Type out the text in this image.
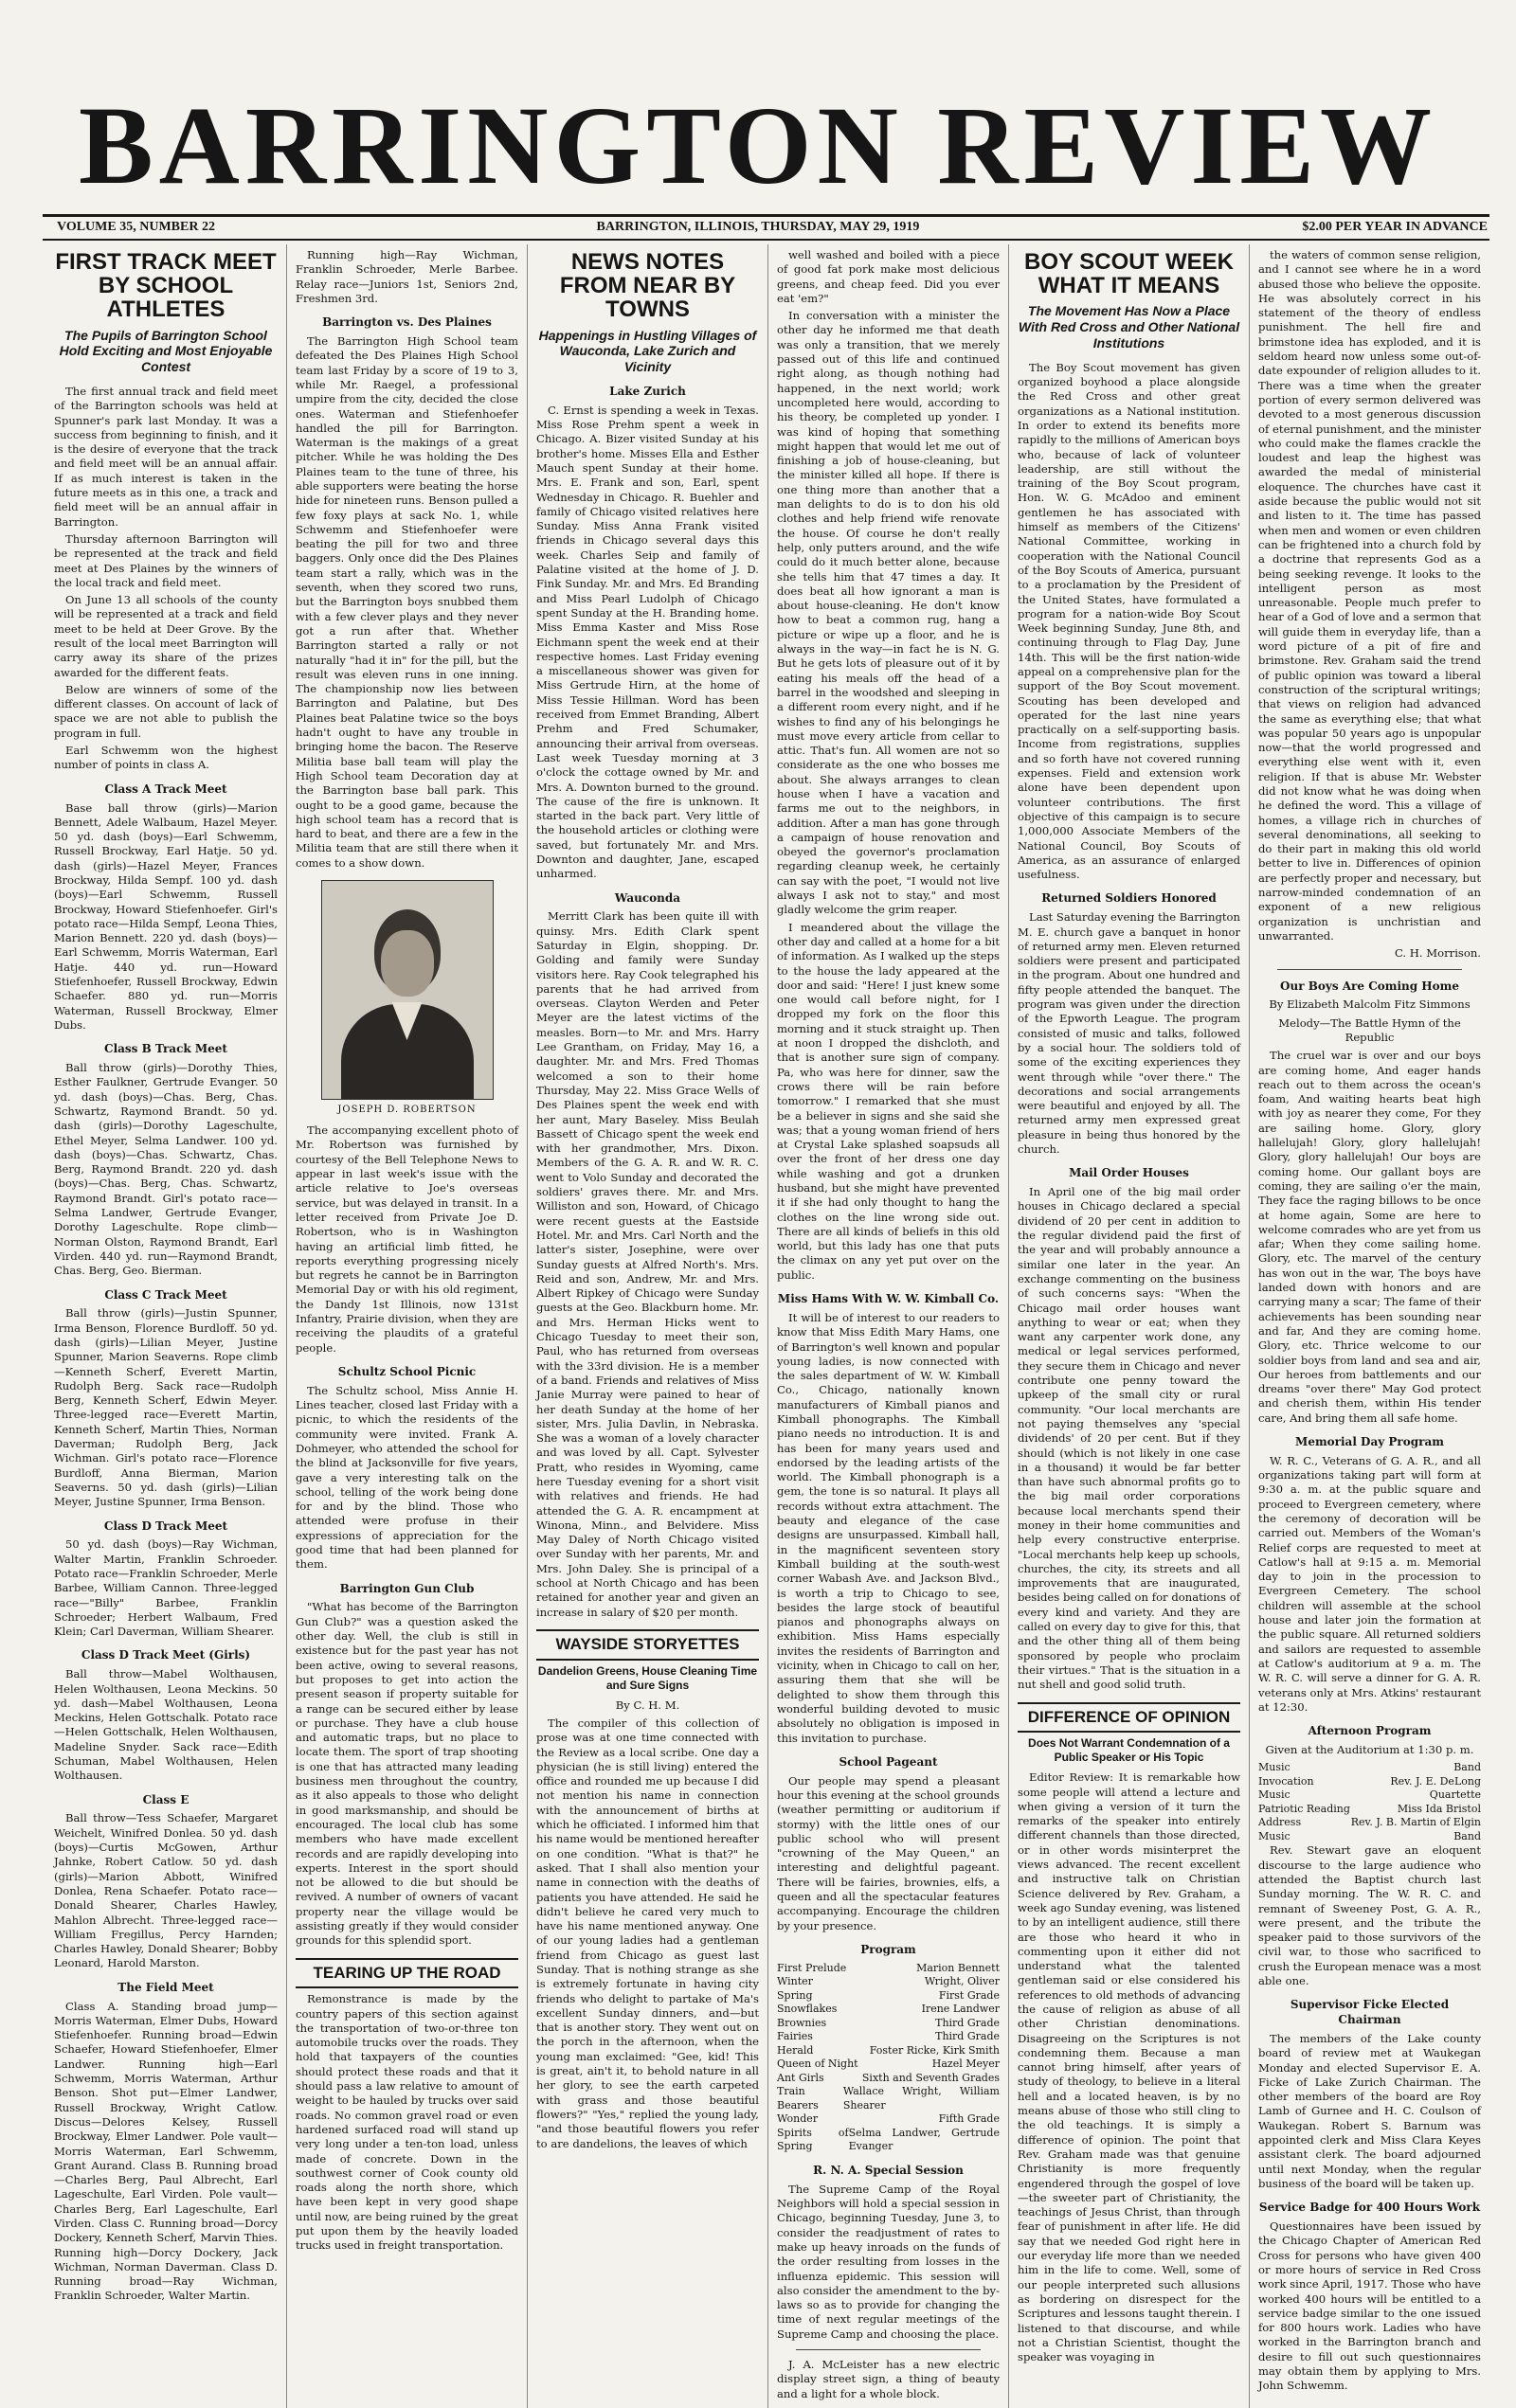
BARRINGTON REVIEW
VOLUME 35, NUMBER 22	BARRINGTON, ILLINOIS, THURSDAY, MAY 29, 1919	$2.00 PER YEAR IN ADVANCE
FIRST TRACK MEET BY SCHOOL ATHLETES
The Pupils of Barrington School Hold Exciting and Most Enjoyable Contest

The first annual track and field meet of the Barrington schools was held at Spunner's park last Monday. It was a success from beginning to finish, and it is the desire of everyone that the track and field meet will be an annual affair. If as much interest is taken in the future meets as in this one, a track and field meet will be an annual affair in Barrington.

Thursday afternoon Barrington will be represented at the track and field meet at Des Plaines by the winners of the local track and field meet.

On June 13 all schools of the county will be represented at a track and field meet to be held at Deer Grove. By the result of the local meet Barrington will carry away its share of the prizes awarded for the different feats.

Below are winners of some of the different classes. On account of lack of space we are not able to publish the program in full.

Earl Schwemm won the highest number of points in class A.

Class A Track Meet

Base ball throw (girls)—Marion Bennett, Adele Walbaum, Hazel Meyer. 50 yd. dash (boys)—Earl Schwemm, Russell Brockway, Earl Hatje. 50 yd. dash (girls)—Hazel Meyer, Frances Brockway, Hilda Sempf. 100 yd. dash (boys)—Earl Schwemm, Russell Brockway, Howard Stiefenhoefer. Girl's potato race—Hilda Sempf, Leona Thies, Marion Bennett. 220 yd. dash (boys)—Earl Schwemm, Morris Waterman, Earl Hatje. 440 yd. run—Howard Stiefenhoefer, Russell Brockway, Edwin Schaefer. 880 yd. run—Morris Waterman, Russell Brockway, Elmer Dubs.

Class B Track Meet

Ball throw (girls)—Dorothy Thies, Esther Faulkner, Gertrude Evanger. 50 yd. dash (boys)—Chas. Berg, Chas. Schwartz, Raymond Brandt. 50 yd. dash (girls)—Dorothy Lageschulte, Ethel Meyer, Selma Landwer. 100 yd. dash (boys)—Chas. Schwartz, Chas. Berg, Raymond Brandt. 220 yd. dash (boys)—Chas. Berg, Chas. Schwartz, Raymond Brandt. Girl's potato race—Selma Landwer, Gertrude Evanger, Dorothy Lageschulte. Rope climb—Norman Olston, Raymond Brandt, Earl Virden. 440 yd. run—Raymond Brandt, Chas. Berg, Geo. Bierman.

Class C Track Meet

Ball throw (girls)—Justin Spunner, Irma Benson, Florence Burdloff. 50 yd. dash (girls)—Lilian Meyer, Justine Spunner, Marion Seaverns. Rope climb—Kenneth Scherf, Everett Martin, Rudolph Berg. Sack race—Rudolph Berg, Kenneth Scherf, Edwin Meyer. Three-legged race—Everett Martin, Kenneth Scherf, Martin Thies, Norman Daverman; Rudolph Berg, Jack Wichman. Girl's potato race—Florence Burdloff, Anna Bierman, Marion Seaverns. 50 yd. dash (girls)—Lilian Meyer, Justine Spunner, Irma Benson.

Class D Track Meet

50 yd. dash (boys)—Ray Wichman, Walter Martin, Franklin Schroeder. Potato race—Franklin Schroeder, Merle Barbee, William Cannon. Three-legged race—"Billy" Barbee, Franklin Schroeder; Herbert Walbaum, Fred Klein; Carl Daverman, William Shearer.

Class D Track Meet (Girls)

Ball throw—Mabel Wolthausen, Helen Wolthausen, Leona Meckins. 50 yd. dash—Mabel Wolthausen, Leona Meckins, Helen Gottschalk. Potato race—Helen Gottschalk, Helen Wolthausen, Madeline Snyder. Sack race—Edith Schuman, Mabel Wolthausen, Helen Wolthausen.

Class E

Ball throw—Tess Schaefer, Margaret Weichelt, Winifred Donlea. 50 yd. dash (boys)—Curtis McGowen, Arthur Jahnke, Robert Catlow. 50 yd. dash (girls)—Marion Abbott, Winifred Donlea, Rena Schaefer. Potato race—Donald Shearer, Charles Hawley, Mahlon Albrecht. Three-legged race—William Fregillus, Percy Harnden; Charles Hawley, Donald Shearer; Bobby Leonard, Harold Marston.

The Field Meet

Class A. Standing broad jump—Morris Waterman, Elmer Dubs, Howard Stiefenhoefer. Running broad—Edwin Schaefer, Howard Stiefenhoefer, Elmer Landwer. Running high—Earl Schwemm, Morris Waterman, Arthur Benson. Shot put—Elmer Landwer, Russell Brockway, Wright Catlow. Discus—Delores Kelsey, Russell Brockway, Elmer Landwer. Pole vault—Morris Waterman, Earl Schwemm, Grant Aurand. Class B. Running broad—Charles Berg, Paul Albrecht, Earl Lageschulte, Earl Virden. Pole vault—Charles Berg, Earl Lageschulte, Earl Virden. Class C. Running broad—Dorcy Dockery, Kenneth Scherf, Marvin Thies. Running high—Dorcy Dockery, Jack Wichman, Norman Daverman. Class D. Running broad—Ray Wichman, Franklin Schroeder, Walter Martin.

Running high—Ray Wichman, Franklin Schroeder, Merle Barbee. Relay race—Juniors 1st, Seniors 2nd, Freshmen 3rd.

Barrington vs. Des Plaines

The Barrington High School team defeated the Des Plaines High School team last Friday by a score of 19 to 3, while Mr. Raegel, a professional umpire from the city, decided the close ones. Waterman and Stiefenhoefer handled the pill for Barrington. Waterman is the makings of a great pitcher. While he was holding the Des Plaines team to the tune of three, his able supporters were beating the horse hide for nineteen runs. Benson pulled a few foxy plays at sack No. 1, while Schwemm and Stiefenhoefer were beating the pill for two and three baggers. Only once did the Des Plaines team start a rally, which was in the seventh, when they scored two runs, but the Barrington boys snubbed them with a few clever plays and they never got a run after that. Whether Barrington started a rally or not naturally "had it in" for the pill, but the result was eleven runs in one inning. The championship now lies between Barrington and Palatine, but Des Plaines beat Palatine twice so the boys hadn't ought to have any trouble in bringing home the bacon. The Reserve Militia base ball team will play the High School team Decoration day at the Barrington base ball park. This ought to be a good game, because the high school team has a record that is hard to beat, and there are a few in the Militia team that are still there when it comes to a show down.

JOSEPH D. ROBERTSON

The accompanying excellent photo of Mr. Robertson was furnished by courtesy of the Bell Telephone News to appear in last week's issue with the article relative to Joe's overseas service, but was delayed in transit. In a letter received from Private Joe D. Robertson, who is in Washington having an artificial limb fitted, he reports everything progressing nicely but regrets he cannot be in Barrington Memorial Day or with his old regiment, the Dandy 1st Illinois, now 131st Infantry, Prairie division, when they are receiving the plaudits of a grateful people.

Schultz School Picnic

The Schultz school, Miss Annie H. Lines teacher, closed last Friday with a picnic, to which the residents of the community were invited. Frank A. Dohmeyer, who attended the school for the blind at Jacksonville for five years, gave a very interesting talk on the school, telling of the work being done for and by the blind. Those who attended were profuse in their expressions of appreciation for the good time that had been planned for them.

Barrington Gun Club

"What has become of the Barrington Gun Club?" was a question asked the other day. Well, the club is still in existence but for the past year has not been active, owing to several reasons, but proposes to get into action the present season if property suitable for a range can be secured either by lease or purchase. They have a club house and automatic traps, but no place to locate them. The sport of trap shooting is one that has attracted many leading business men throughout the country, as it also appeals to those who delight in good marksmanship, and should be encouraged. The local club has some members who have made excellent records and are rapidly developing into experts. Interest in the sport should not be allowed to die but should be revived. A number of owners of vacant property near the village would be assisting greatly if they would consider grounds for this splendid sport.

TEARING UP THE ROAD

Remonstrance is made by the country papers of this section against the transportation of two-or-three ton automobile trucks over the roads. They hold that taxpayers of the counties should protect these roads and that it should pass a law relative to amount of weight to be hauled by trucks over said roads. No common gravel road or even hardened surfaced road will stand up very long under a ten-ton load, unless made of concrete. Down in the southwest corner of Cook county old roads along the north shore, which have been kept in very good shape until now, are being ruined by the great put upon them by the heavily loaded trucks used in freight transportation.

NEWS NOTES FROM NEAR BY TOWNS
Happenings in Hustling Villages of Wauconda, Lake Zurich and Vicinity
Lake Zurich

C. Ernst is spending a week in Texas. Miss Rose Prehm spent a week in Chicago. A. Bizer visited Sunday at his brother's home. Misses Ella and Esther Mauch spent Sunday at their home. Mrs. E. Frank and son, Earl, spent Wednesday in Chicago. R. Buehler and family of Chicago visited relatives here Sunday. Miss Anna Frank visited friends in Chicago several days this week. Charles Seip and family of Palatine visited at the home of J. D. Fink Sunday. Mr. and Mrs. Ed Branding and Miss Pearl Ludolph of Chicago spent Sunday at the H. Branding home. Miss Emma Kaster and Miss Rose Eichmann spent the week end at their respective homes. Last Friday evening a miscellaneous shower was given for Miss Gertrude Hirn, at the home of Miss Tessie Hillman. Word has been received from Emmet Branding, Albert Prehm and Fred Schumaker, announcing their arrival from overseas. Last week Tuesday morning at 3 o'clock the cottage owned by Mr. and Mrs. A. Downton burned to the ground. The cause of the fire is unknown. It started in the back part. Very little of the household articles or clothing were saved, but fortunately Mr. and Mrs. Downton and daughter, Jane, escaped unharmed.

Wauconda

Merritt Clark has been quite ill with quinsy. Mrs. Edith Clark spent Saturday in Elgin, shopping. Dr. Golding and family were Sunday visitors here. Ray Cook telegraphed his parents that he had arrived from overseas. Clayton Werden and Peter Meyer are the latest victims of the measles. Born—to Mr. and Mrs. Harry Lee Grantham, on Friday, May 16, a daughter. Mr. and Mrs. Fred Thomas welcomed a son to their home Thursday, May 22. Miss Grace Wells of Des Plaines spent the week end with her aunt, Mary Baseley. Miss Beulah Bassett of Chicago spent the week end with her grandmother, Mrs. Dixon. Members of the G. A. R. and W. R. C. went to Volo Sunday and decorated the soldiers' graves there. Mr. and Mrs. Williston and son, Howard, of Chicago were recent guests at the Eastside Hotel. Mr. and Mrs. Carl North and the latter's sister, Josephine, were over Sunday guests at Alfred North's. Mrs. Reid and son, Andrew, Mr. and Mrs. Albert Ripkey of Chicago were Sunday guests at the Geo. Blackburn home. Mr. and Mrs. Herman Hicks went to Chicago Tuesday to meet their son, Paul, who has returned from overseas with the 33rd division. He is a member of a band. Friends and relatives of Miss Janie Murray were pained to hear of her death Sunday at the home of her sister, Mrs. Julia Davlin, in Nebraska. She was a woman of a lovely character and was loved by all. Capt. Sylvester Pratt, who resides in Wyoming, came here Tuesday evening for a short visit with relatives and friends. He had attended the G. A. R. encampment at Winona, Minn., and Belvidere. Miss May Daley of North Chicago visited over Sunday with her parents, Mr. and Mrs. John Daley. She is principal of a school at North Chicago and has been retained for another year and given an increase in salary of $20 per month.

WAYSIDE STORYETTES
Dandelion Greens, House Cleaning Time and Sure Signs
By C. H. M.

The compiler of this collection of prose was at one time connected with the Review as a local scribe. One day a physician (he is still living) entered the office and rounded me up because I did not mention his name in connection with the announcement of births at which he officiated. I informed him that his name would be mentioned hereafter on one condition. "What is that?" he asked. That I shall also mention your name in connection with the deaths of patients you have attended. He said he didn't believe he cared very much to have his name mentioned anyway. One of our young ladies had a gentleman friend from Chicago as guest last Sunday. That is nothing strange as she is extremely fortunate in having city friends who delight to partake of Ma's excellent Sunday dinners, and—but that is another story. They went out on the porch in the afternoon, when the young man exclaimed: "Gee, kid! This is great, ain't it, to behold nature in all her glory, to see the earth carpeted with grass and those beautiful flowers?" "Yes," replied the young lady, "and those beautiful flowers you refer to are dandelions, the leaves of which

well washed and boiled with a piece of good fat pork make most delicious greens, and cheap feed. Did you ever eat 'em?"

In conversation with a minister the other day he informed me that death was only a transition, that we merely passed out of this life and continued right along, as though nothing had happened, in the next world; work uncompleted here would, according to his theory, be completed up yonder. I was kind of hoping that something might happen that would let me out of finishing a job of house-cleaning, but the minister killed all hope. If there is one thing more than another that a man delights to do is to don his old clothes and help friend wife renovate the house. Of course he don't really help, only putters around, and the wife could do it much better alone, because she tells him that 47 times a day. It does beat all how ignorant a man is about house-cleaning. He don't know how to beat a common rug, hang a picture or wipe up a floor, and he is always in the way—in fact he is N. G. But he gets lots of pleasure out of it by eating his meals off the head of a barrel in the woodshed and sleeping in a different room every night, and if he wishes to find any of his belongings he must move every article from cellar to attic. That's fun. All women are not so considerate as the one who bosses me about. She always arranges to clean house when I have a vacation and farms me out to the neighbors, in addition. After a man has gone through a campaign of house renovation and obeyed the governor's proclamation regarding cleanup week, he certainly can say with the poet, "I would not live always I ask not to stay," and most gladly welcome the grim reaper.

I meandered about the village the other day and called at a home for a bit of information. As I walked up the steps to the house the lady appeared at the door and said: "Here! I just knew some one would call before night, for I dropped my fork on the floor this morning and it stuck straight up. Then at noon I dropped the dishcloth, and that is another sure sign of company. Pa, who was here for dinner, saw the crows there will be rain before tomorrow." I remarked that she must be a believer in signs and she said she was; that a young woman friend of hers at Crystal Lake splashed soapsuds all over the front of her dress one day while washing and got a drunken husband, but she might have prevented it if she had only thought to hang the clothes on the line wrong side out. There are all kinds of beliefs in this old world, but this lady has one that puts the climax on any yet put over on the public.

Miss Hams With W. W. Kimball Co.

It will be of interest to our readers to know that Miss Edith Mary Hams, one of Barrington's well known and popular young ladies, is now connected with the sales department of W. W. Kimball Co., Chicago, nationally known manufacturers of Kimball pianos and Kimball phonographs. The Kimball piano needs no introduction. It is and has been for many years used and endorsed by the leading artists of the world. The Kimball phonograph is a gem, the tone is so natural. It plays all records without extra attachment. The beauty and elegance of the case designs are unsurpassed. Kimball hall, in the magnificent seventeen story Kimball building at the south-west corner Wabash Ave. and Jackson Blvd., is worth a trip to Chicago to see, besides the large stock of beautiful pianos and phonographs always on exhibition. Miss Hams especially invites the residents of Barrington and vicinity, when in Chicago to call on her, assuring them that she will be delighted to show them through this wonderful building devoted to music absolutely no obligation is imposed in this invitation to purchase.

School Pageant

Our people may spend a pleasant hour this evening at the school grounds (weather permitting or auditorium if stormy) with the little ones of our public school who will present "crowning of the May Queen," an interesting and delightful pageant. There will be fairies, brownies, elfs, a queen and all the spectacular features accompanying. Encourage the children by your presence.

Program
First Prelude	Marion Bennett
Winter	Wright, Oliver
Spring	First Grade
Snowflakes	Irene Landwer
Brownies	Third Grade
Fairies	Third Grade
Herald	Foster Ricke, Kirk Smith
Queen of Night	Hazel Meyer
Ant Girls	Sixth and Seventh Grades
Train Bearers
Wallace Wright, William Shearer
Wonder	Fifth Grade
Spirits of Spring
Selma Landwer, Gertrude Evanger
R. N. A. Special Session

The Supreme Camp of the Royal Neighbors will hold a special session in Chicago, beginning Tuesday, June 3, to consider the readjustment of rates to make up heavy inroads on the funds of the order resulting from losses in the influenza epidemic. This session will also consider the amendment to the by-laws so as to provide for changing the time of next regular meetings of the Supreme Camp and choosing the place.

J. A. McLeister has a new electric display street sign, a thing of beauty and a light for a whole block.

BOY SCOUT WEEK WHAT IT MEANS
The Movement Has Now a Place With Red Cross and Other National Institutions

The Boy Scout movement has given organized boyhood a place alongside the Red Cross and other great organizations as a National institution. In order to extend its benefits more rapidly to the millions of American boys who, because of lack of volunteer leadership, are still without the training of the Boy Scout program, Hon. W. G. McAdoo and eminent gentlemen he has associated with himself as members of the Citizens' National Committee, working in cooperation with the National Council of the Boy Scouts of America, pursuant to a proclamation by the President of the United States, have formulated a program for a nation-wide Boy Scout Week beginning Sunday, June 8th, and continuing through to Flag Day, June 14th. This will be the first nation-wide appeal on a comprehensive plan for the support of the Boy Scout movement. Scouting has been developed and operated for the last nine years practically on a self-supporting basis. Income from registrations, supplies and so forth have not covered running expenses. Field and extension work alone have been dependent upon volunteer contributions. The first objective of this campaign is to secure 1,000,000 Associate Members of the National Council, Boy Scouts of America, as an assurance of enlarged usefulness.

Returned Soldiers Honored

Last Saturday evening the Barrington M. E. church gave a banquet in honor of returned army men. Eleven returned soldiers were present and participated in the program. About one hundred and fifty people attended the banquet. The program was given under the direction of the Epworth League. The program consisted of music and talks, followed by a social hour. The soldiers told of some of the exciting experiences they went through while "over there." The decorations and social arrangements were beautiful and enjoyed by all. The returned army men expressed great pleasure in being thus honored by the church.

Mail Order Houses

In April one of the big mail order houses in Chicago declared a special dividend of 20 per cent in addition to the regular dividend paid the first of the year and will probably announce a similar one later in the year. An exchange commenting on the business of such concerns says: "When the Chicago mail order houses want anything to wear or eat; when they want any carpenter work done, any medical or legal services performed, they secure them in Chicago and never contribute one penny toward the upkeep of the small city or rural community. "Our local merchants are not paying themselves any 'special dividends' of 20 per cent. But if they should (which is not likely in one case in a thousand) it would be far better than have such abnormal profits go to the big mail order corporations because local merchants spend their money in their home communities and help every constructive enterprise. "Local merchants help keep up schools, churches, the city, its streets and all improvements that are inaugurated, besides being called on for donations of every kind and variety. And they are called on every day to give for this, that and the other thing all of them being sponsored by people who proclaim their virtues." That is the situation in a nut shell and good solid truth.

DIFFERENCE OF OPINION
Does Not Warrant Condemnation of a Public Speaker or His Topic

Editor Review: It is remarkable how some people will attend a lecture and when giving a version of it turn the remarks of the speaker into entirely different channels than those directed, or in other words misinterpret the views advanced. The recent excellent and instructive talk on Christian Science delivered by Rev. Graham, a week ago Sunday evening, was listened to by an intelligent audience, still there are those who heard it who in commenting upon it either did not understand what the talented gentleman said or else considered his references to old methods of advancing the cause of religion as abuse of all other Christian denominations. Disagreeing on the Scriptures is not condemning them. Because a man cannot bring himself, after years of study of theology, to believe in a literal hell and a located heaven, is by no means abuse of those who still cling to the old teachings. It is simply a difference of opinion. The point that Rev. Graham made was that genuine Christianity is more frequently engendered through the gospel of love—the sweeter part of Christianity, the teachings of Jesus Christ, than through fear of punishment in after life. He did say that we needed God right here in our everyday life more than we needed him in the life to come. Well, some of our people interpreted such allusions as bordering on disrespect for the Scriptures and lessons taught therein. I listened to that discourse, and while not a Christian Scientist, thought the speaker was voyaging in

the waters of common sense religion, and I cannot see where he in a word abused those who believe the opposite. He was absolutely correct in his statement of the theory of endless punishment. The hell fire and brimstone idea has exploded, and it is seldom heard now unless some out-of-date expounder of religion alludes to it. There was a time when the greater portion of every sermon delivered was devoted to a most generous discussion of eternal punishment, and the minister who could make the flames crackle the loudest and leap the highest was awarded the medal of ministerial eloquence. The churches have cast it aside because the public would not sit and listen to it. The time has passed when men and women or even children can be frightened into a church fold by a doctrine that represents God as a being seeking revenge. It looks to the intelligent person as most unreasonable. People much prefer to hear of a God of love and a sermon that will guide them in everyday life, than a word picture of a pit of fire and brimstone. Rev. Graham said the trend of public opinion was toward a liberal construction of the scriptural writings; that views on religion had advanced the same as everything else; that what was popular 50 years ago is unpopular now—that the world progressed and everything else went with it, even religion. If that is abuse Mr. Webster did not know what he was doing when he defined the word. This a village of homes, a village rich in churches of several denominations, all seeking to do their part in making this old world better to live in. Differences of opinion are perfectly proper and necessary, but narrow-minded condemnation of an exponent of a new religious organization is unchristian and unwarranted.

C. H. Morrison.
Our Boys Are Coming Home
By Elizabeth Malcolm Fitz Simmons
Melody—The Battle Hymn of the Republic

The cruel war is over and our boys are coming home, And eager hands reach out to them across the ocean's foam, And waiting hearts beat high with joy as nearer they come, For they are sailing home. Glory, glory hallelujah! Glory, glory hallelujah! Glory, glory hallelujah! Our boys are coming home. Our gallant boys are coming, they are sailing o'er the main, They face the raging billows to be once at home again, Some are here to welcome comrades who are yet from us afar; When they come sailing home. Glory, etc. The marvel of the century has won out in the war, The boys have landed down with honors and are carrying many a scar; The fame of their achievements has been sounding near and far, And they are coming home. Glory, etc. Thrice welcome to our soldier boys from land and sea and air, Our heroes from battlements and our dreams "over there" May God protect and cherish them, within His tender care, And bring them all safe home.

Memorial Day Program

W. R. C., Veterans of G. A. R., and all organizations taking part will form at 9:30 a. m. at the public square and proceed to Evergreen cemetery, where the ceremony of decoration will be carried out. Members of the Woman's Relief corps are requested to meet at Catlow's hall at 9:15 a. m. Memorial day to join in the procession to Evergreen Cemetery. The school children will assemble at the school house and later join the formation at the public square. All returned soldiers and sailors are requested to assemble at Catlow's auditorium at 9 a. m. The W. R. C. will serve a dinner for G. A. R. veterans only at Mrs. Atkins' restaurant at 12:30.

Afternoon Program
Given at the Auditorium at 1:30 p. m.
Music	Band
Invocation	Rev. J. E. DeLong
Music	Quartette
Patriotic Reading	Miss Ida Bristol
Address	Rev. J. B. Martin of Elgin
Music	Band

Rev. Stewart gave an eloquent discourse to the large audience who attended the Baptist church last Sunday morning. The W. R. C. and remnant of Sweeney Post, G. A. R., were present, and the tribute the speaker paid to those survivors of the civil war, to those who sacrificed to crush the European menace was a most able one.

Supervisor Ficke Elected Chairman

The members of the Lake county board of review met at Waukegan Monday and elected Supervisor E. A. Ficke of Lake Zurich Chairman. The other members of the board are Roy Lamb of Gurnee and H. C. Coulson of Waukegan. Robert S. Barnum was appointed clerk and Miss Clara Keyes assistant clerk. The board adjourned until next Monday, when the regular business of the board will be taken up.

Service Badge for 400 Hours Work

Questionnaires have been issued by the Chicago Chapter of American Red Cross for persons who have given 400 or more hours of service in Red Cross work since April, 1917. Those who have worked 400 hours will be entitled to a service badge similar to the one issued for 800 hours work. Ladies who have worked in the Barrington branch and desire to fill out such questionnaires may obtain them by applying to Mrs. John Schwemm.
